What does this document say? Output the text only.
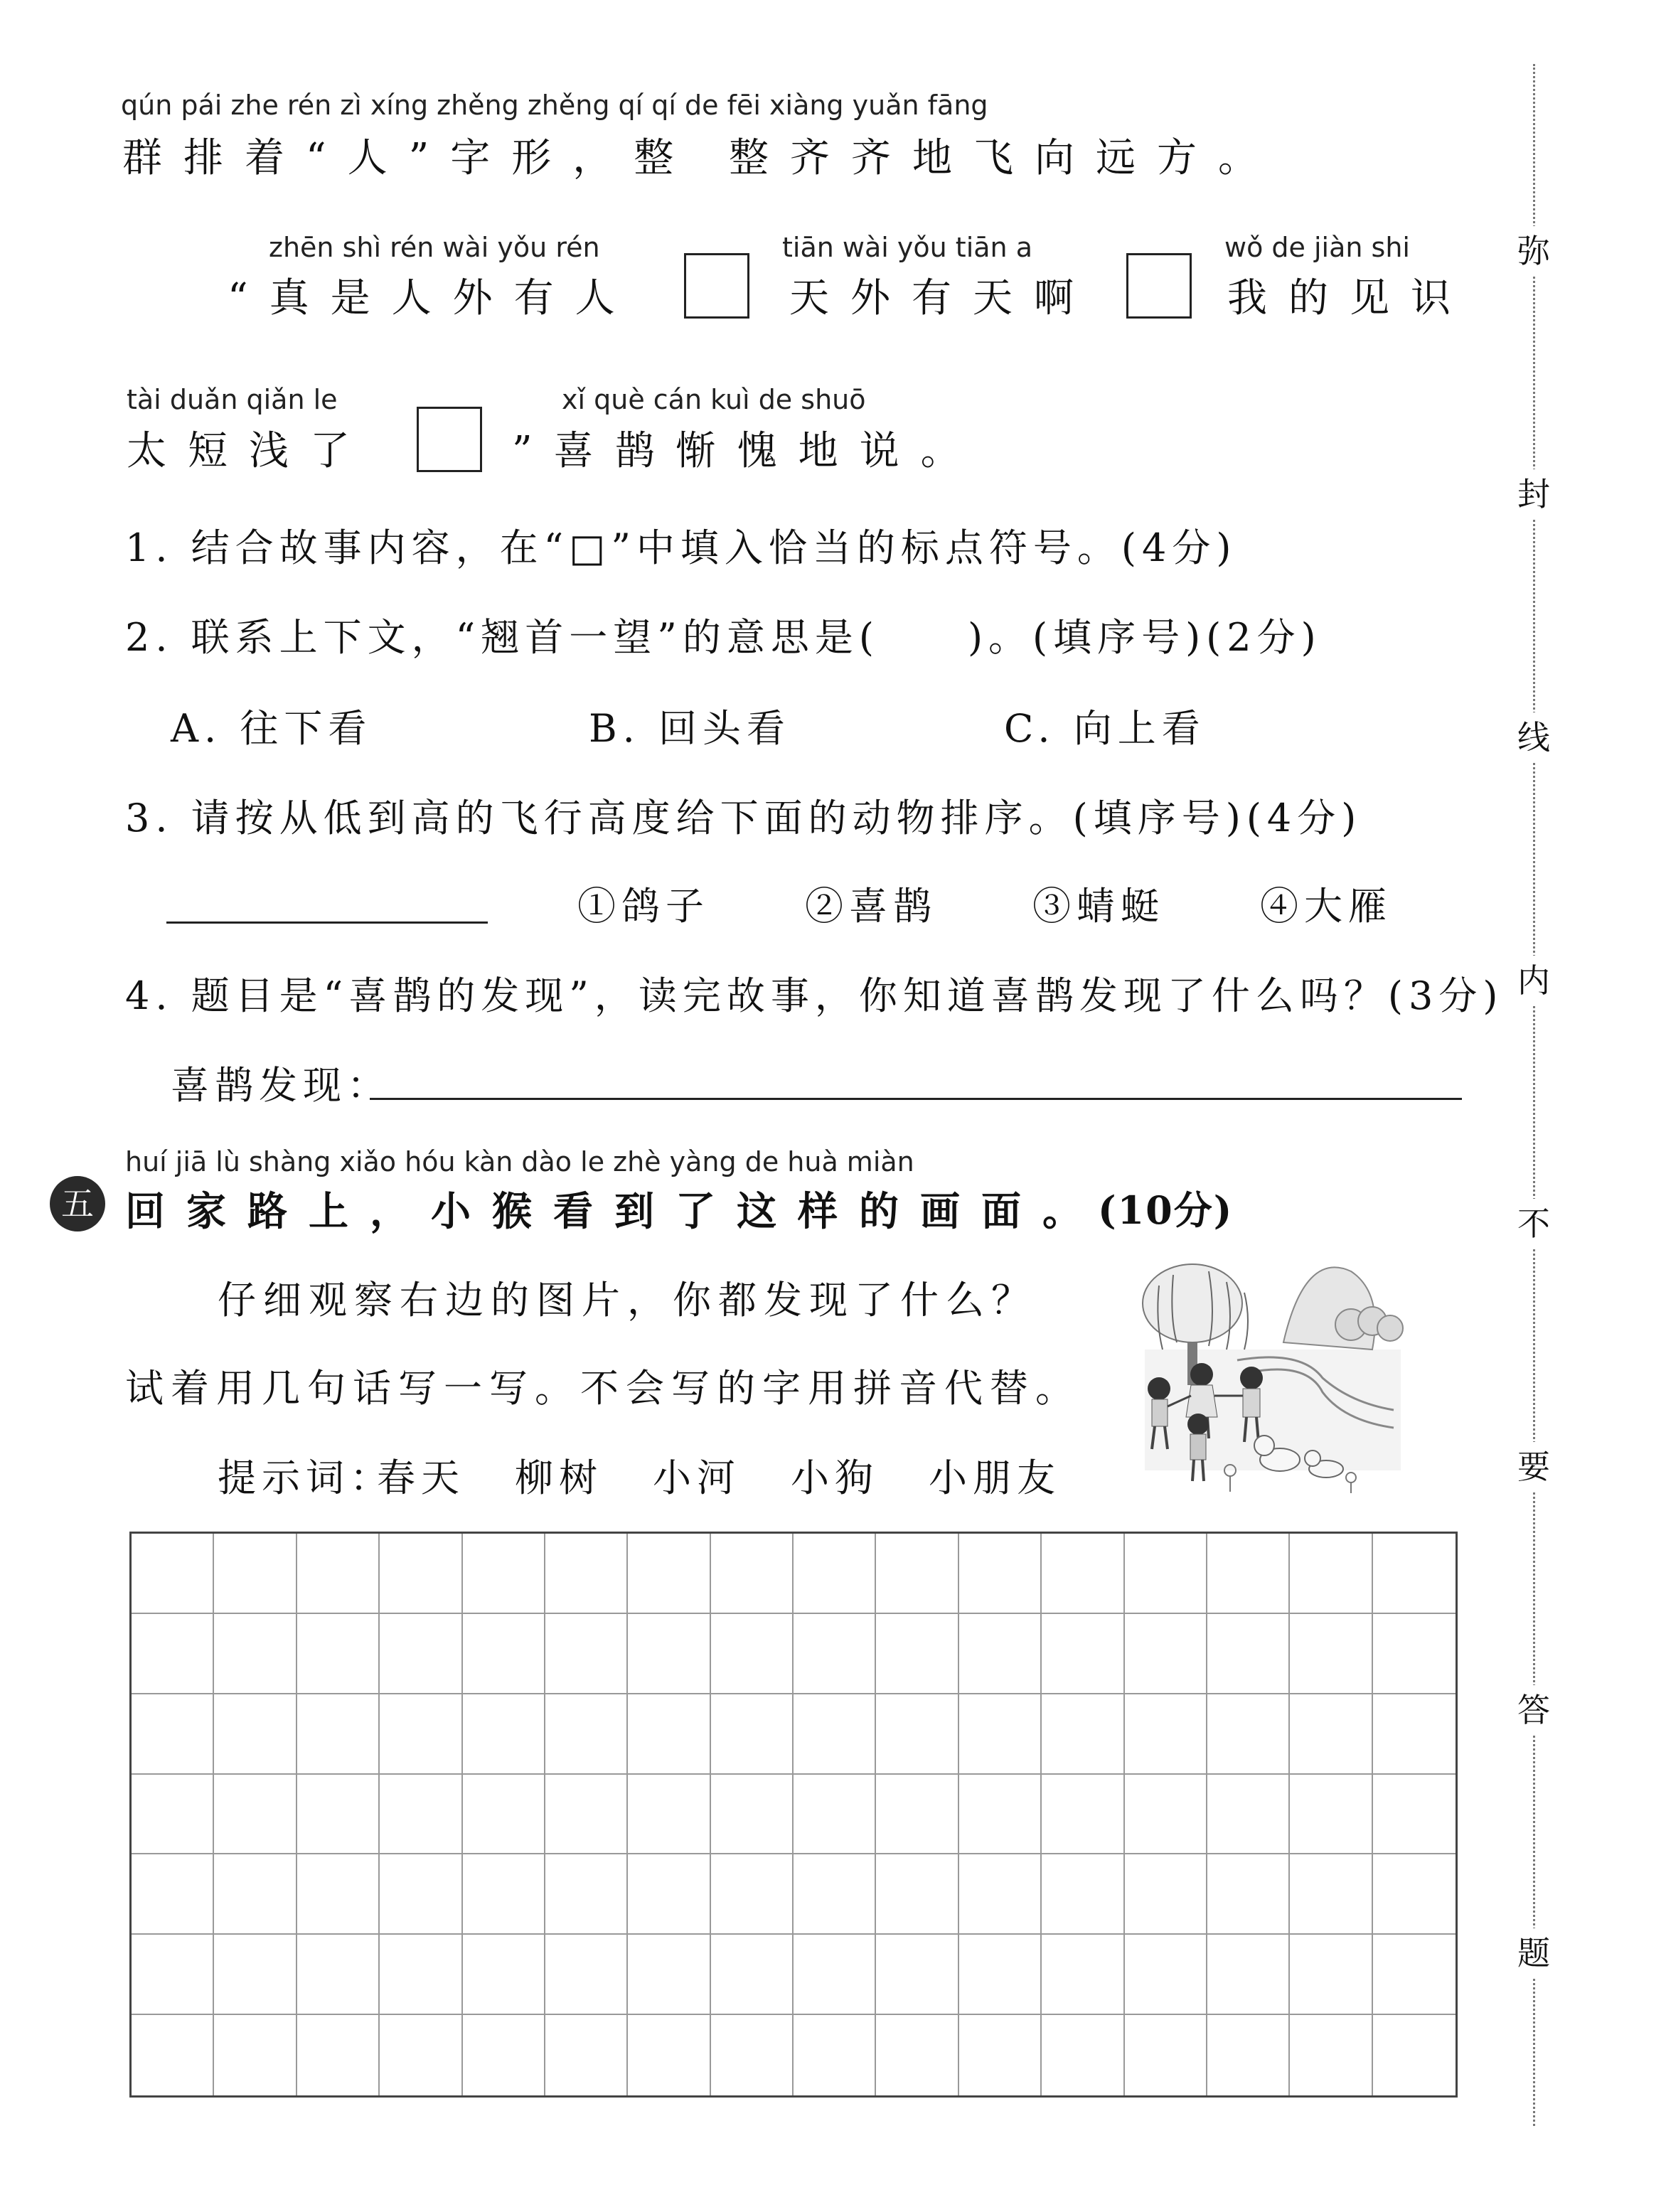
qún pái zhe rén zì xíng zhěng zhěng qí qí de fēi xiàng yuǎn fāng
群排着“人”字形，整 整齐齐地飞向远方。
zhēn shì rén wài yǒu rén
“真是人外有人
tiān wài yǒu tiān a
天外有天啊
wǒ de jiàn shi
我的见识
tài duǎn qiǎn le
太短浅了
xǐ què cán kuì de shuō
”喜鹊惭愧地说。
1. 结合故事内容，在“□”中填入恰当的标点符号。(4分)
2. 联系上下文，“翘首一望”的意思是(　　)。(填序号)(2分)
A. 往下看	B. 回头看	C. 向上看
3. 请按从低到高的飞行高度给下面的动物排序。(填序号)(4分)
①鸽子 ②喜鹊 ③蜻蜓 ④大雁
4. 题目是“喜鹊的发现”，读完故事，你知道喜鹊发现了什么吗？(3分)
喜鹊发现：
huí jiā lù shàng xiǎo hóu kàn dào le zhè yàng de huà miàn
五 回家路上，小猴看到了这样的画面。
(10分)
仔细观察右边的图片，你都发现了什么？
试着用几句话写一写。不会写的字用拼音代替。
提示词：
春天 柳树 小河 小狗 小朋友
弥
封
线
内
不
要
答
题
